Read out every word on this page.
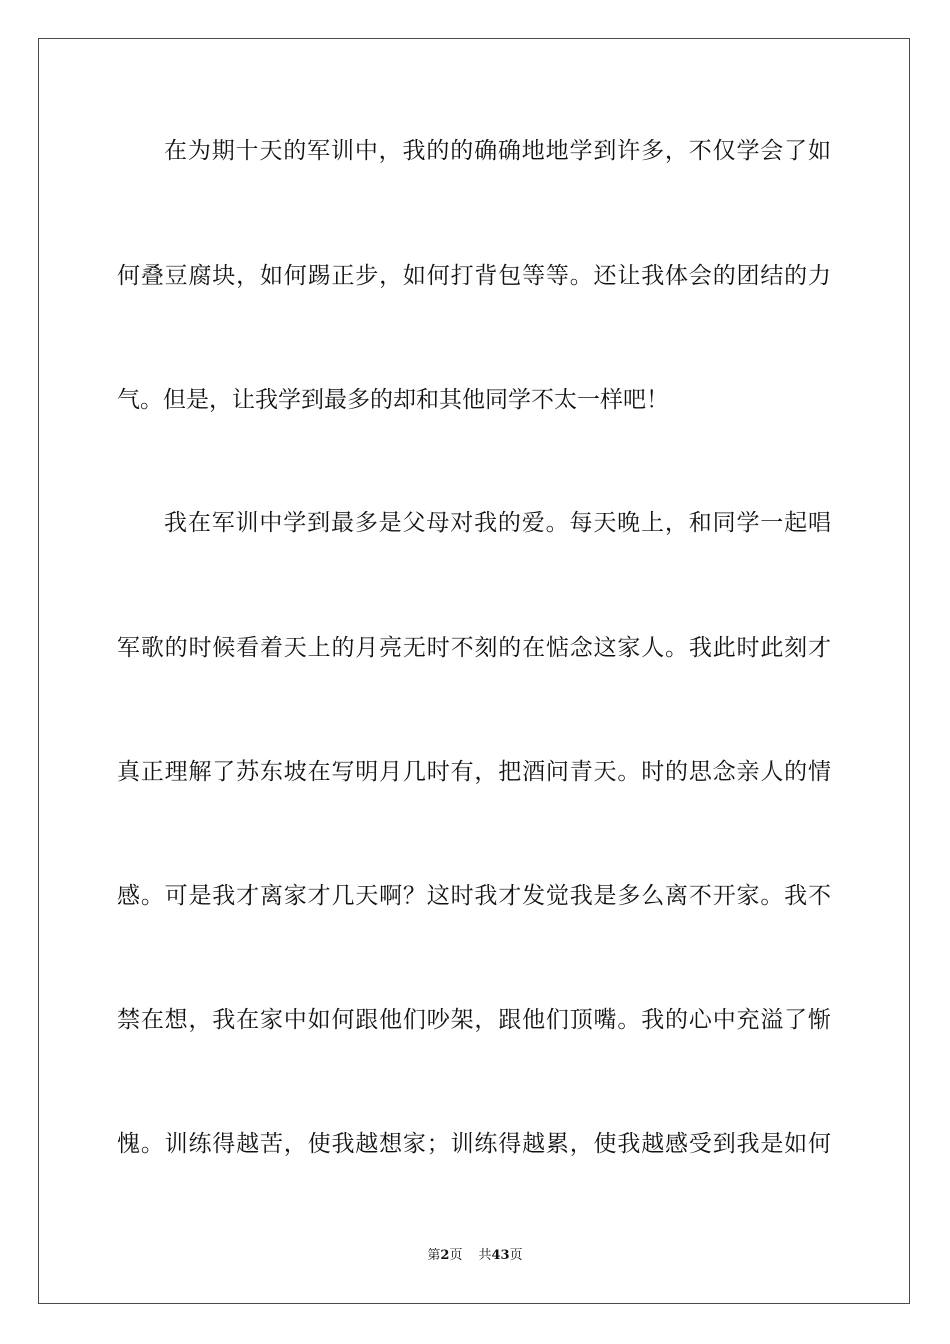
在为期十天的军训中，我的的确确地地学到许多，不仅学会了如
何叠豆腐块，如何踢正步，如何打背包等等。还让我体会的团结的力
气。但是，让我学到最多的却和其他同学不太一样吧！
我在军训中学到最多是父母对我的爱。每天晚上，和同学一起唱
军歌的时候看着天上的月亮无时不刻的在惦念这家人。我此时此刻才
真正理解了苏东坡在写明月几时有，把酒问青天。时的思念亲人的情
感。可是我才离家才几天啊？这时我才发觉我是多么离不开家。我不
禁在想，我在家中如何跟他们吵架，跟他们顶嘴。我的心中充溢了惭
愧。训练得越苦，使我越想家；训练得越累，使我越感受到我是如何
第2页 共43页
